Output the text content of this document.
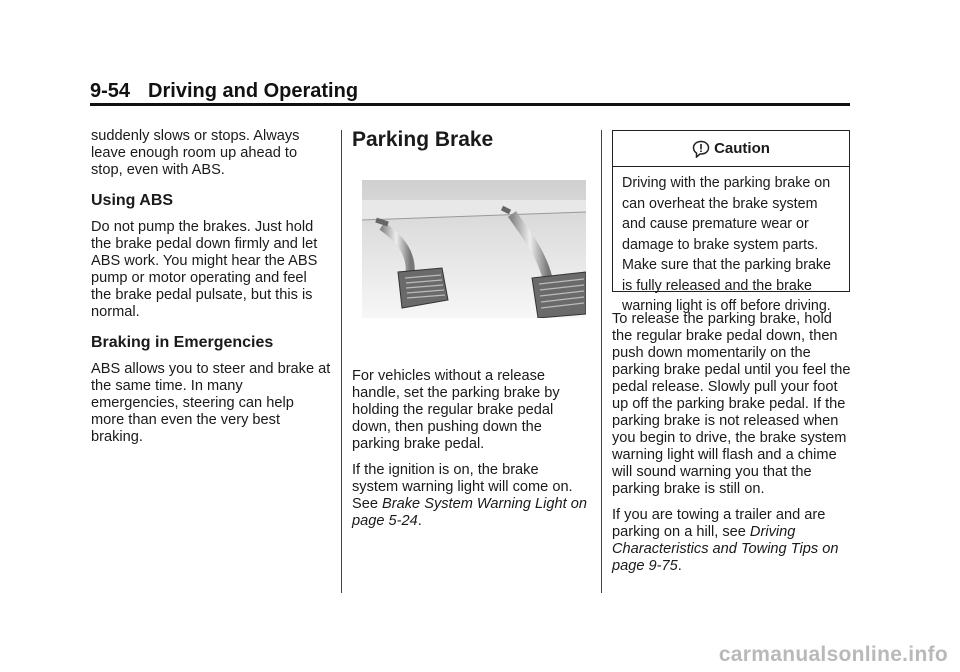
9-54 Driving and Operating

suddenly slows or stops. Always leave enough room up ahead to stop, even with ABS.

Using ABS

Do not pump the brakes. Just hold the brake pedal down firmly and let ABS work. You might hear the ABS pump or motor operating and feel the brake pedal pulsate, but this is normal.

Braking in Emergencies

ABS allows you to steer and brake at the same time. In many emergencies, steering can help more than even the very best braking.

Parking Brake

For vehicles without a release handle, set the parking brake by holding the regular brake pedal down, then pushing down the parking brake pedal.

If the ignition is on, the brake system warning light will come on. See Brake System Warning Light on page 5-24.

Caution
Driving with the parking brake on can overheat the brake system and cause premature wear or damage to brake system parts. Make sure that the parking brake is fully released and the brake warning light is off before driving.

To release the parking brake, hold the regular brake pedal down, then push down momentarily on the parking brake pedal until you feel the pedal release. Slowly pull your foot up off the parking brake pedal. If the parking brake is not released when you begin to drive, the brake system warning light will flash and a chime will sound warning you that the parking brake is still on.

If you are towing a trailer and are parking on a hill, see Driving Characteristics and Towing Tips on page 9-75.

carmanualsonline.info
